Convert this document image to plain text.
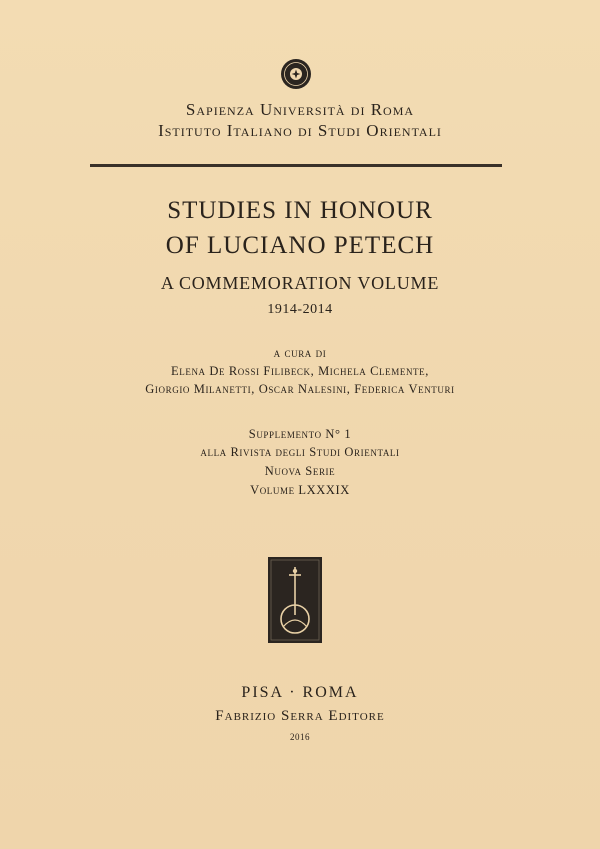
Sapienza Università di Roma
Istituto Italiano di Studi Orientali
STUDIES IN HONOUR
OF LUCIANO PETECH
A COMMEMORATION VOLUME
1914-2014
a cura di
Elena De Rossi Filibeck, Michela Clemente,
Giorgio Milanetti, Oscar Nalesini, Federica Venturi
Supplemento N° 1
alla Rivista degli Studi Orientali
Nuova Serie
Volume LXXXIX
PISA · ROMA
Fabrizio Serra Editore
2016
